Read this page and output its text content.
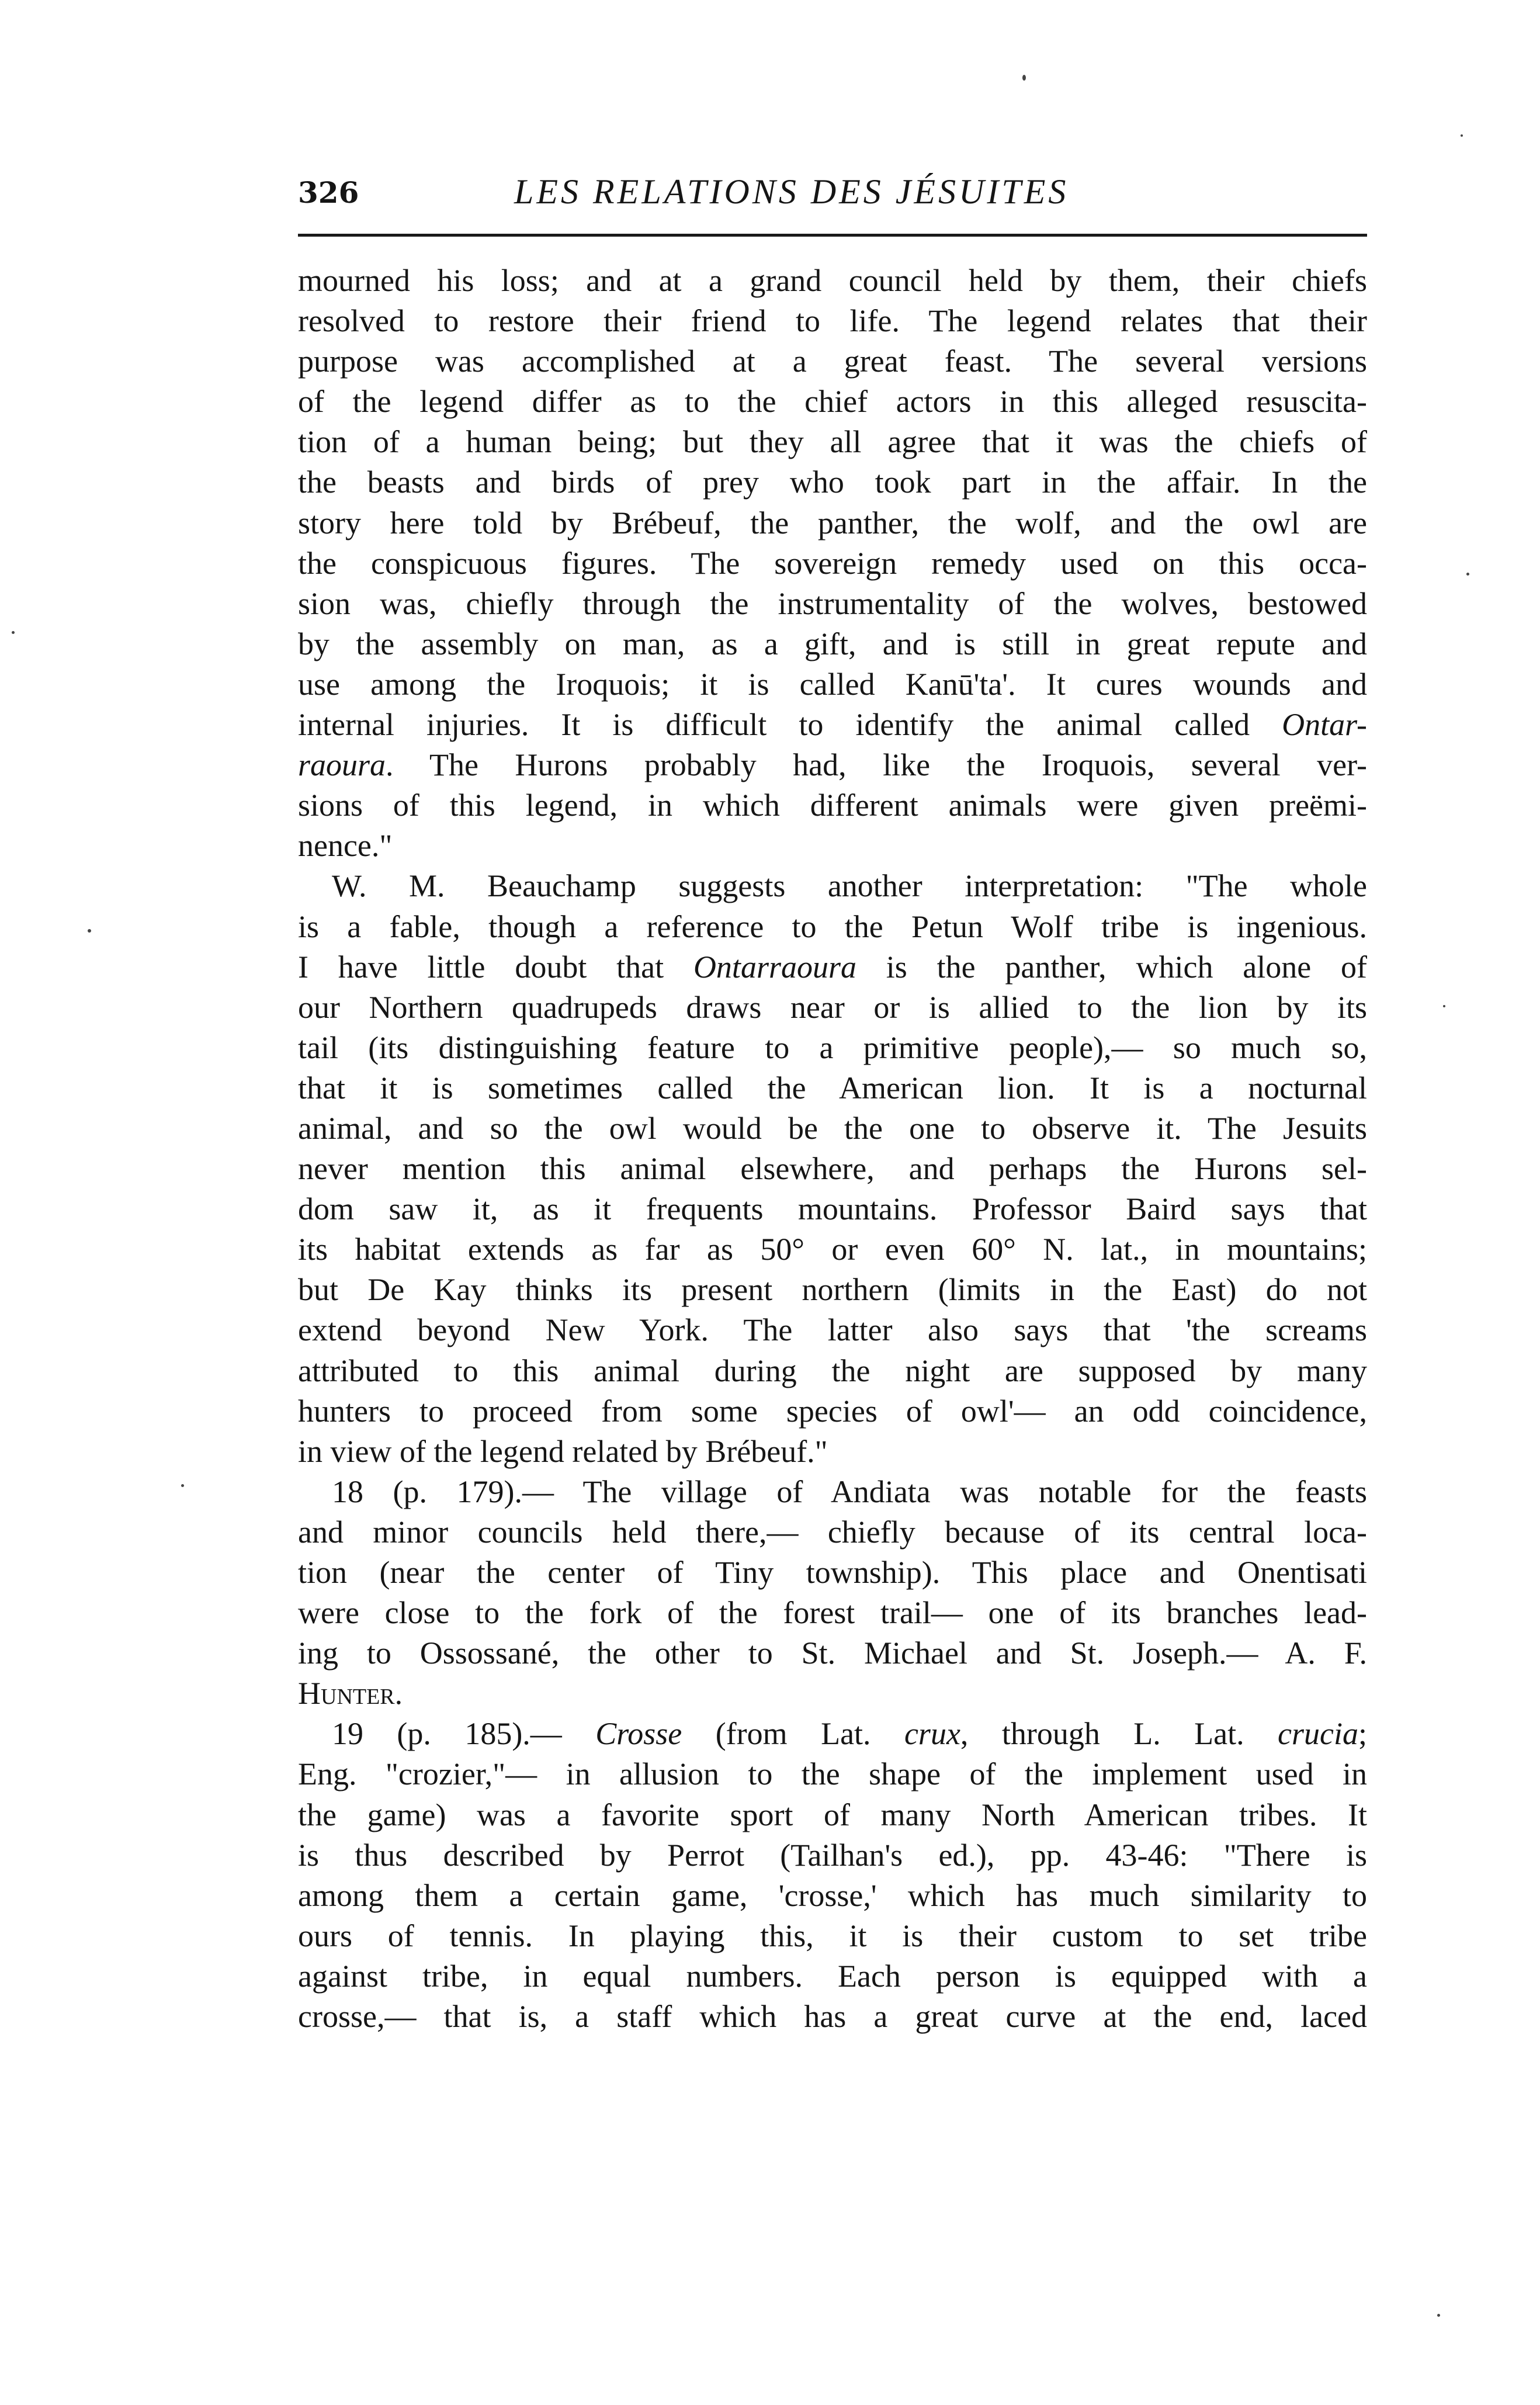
326	LES RELATIONS DES JÉSUITES
mourned his loss; and at a grand council held by them, their chiefs
resolved to restore their friend to life. The legend relates that their
purpose was accomplished at a great feast. The several versions
of the legend differ as to the chief actors in this alleged resuscita-
tion of a human being; but they all agree that it was the chiefs of
the beasts and birds of prey who took part in the affair. In the
story here told by Brébeuf, the panther, the wolf, and the owl are
the conspicuous figures. The sovereign remedy used on this occa-
sion was, chiefly through the instrumentality of the wolves, bestowed
by the assembly on man, as a gift, and is still in great repute and
use among the Iroquois; it is called Kanū'ta'. It cures wounds and
internal injuries. It is difficult to identify the animal called Ontar-
raoura. The Hurons probably had, like the Iroquois, several ver-
sions of this legend, in which different animals were given preëmi-
nence."
W. M. Beauchamp suggests another interpretation: "The whole
is a fable, though a reference to the Petun Wolf tribe is ingenious.
I have little doubt that Ontarraoura is the panther, which alone of
our Northern quadrupeds draws near or is allied to the lion by its
tail (its distinguishing feature to a primitive people),— so much so,
that it is sometimes called the American lion. It is a nocturnal
animal, and so the owl would be the one to observe it. The Jesuits
never mention this animal elsewhere, and perhaps the Hurons sel-
dom saw it, as it frequents mountains. Professor Baird says that
its habitat extends as far as 50° or even 60° N. lat., in mountains;
but De Kay thinks its present northern (limits in the East) do not
extend beyond New York. The latter also says that 'the screams
attributed to this animal during the night are supposed by many
hunters to proceed from some species of owl'— an odd coincidence,
in view of the legend related by Brébeuf."
18 (p. 179).— The village of Andiata was notable for the feasts
and minor councils held there,— chiefly because of its central loca-
tion (near the center of Tiny township). This place and Onentisati
were close to the fork of the forest trail— one of its branches lead-
ing to Ossossané, the other to St. Michael and St. Joseph.— A. F.
Hunter.
19 (p. 185).— Crosse (from Lat. crux, through L. Lat. crucia;
Eng. "crozier,"— in allusion to the shape of the implement used in
the game) was a favorite sport of many North American tribes. It
is thus described by Perrot (Tailhan's ed.), pp. 43-46: "There is
among them a certain game, 'crosse,' which has much similarity to
ours of tennis. In playing this, it is their custom to set tribe
against tribe, in equal numbers. Each person is equipped with a
crosse,— that is, a staff which has a great curve at the end, laced
